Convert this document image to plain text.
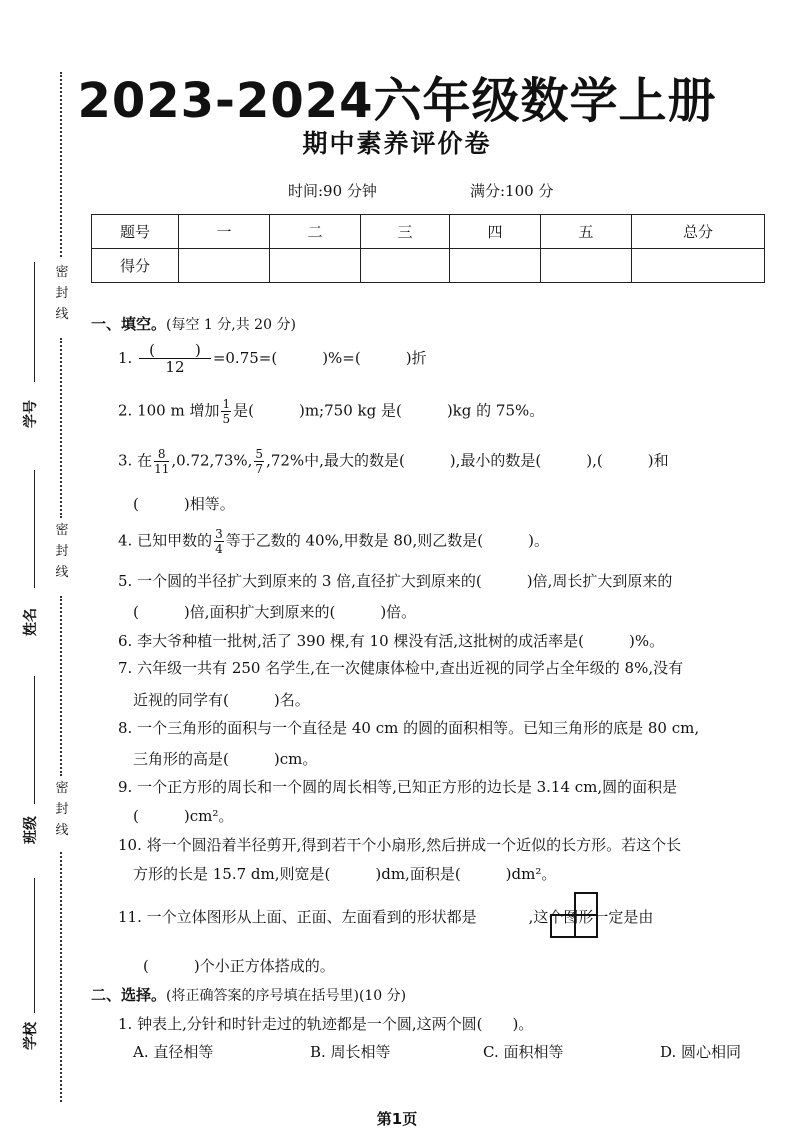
2023-2024六年级数学上册
期中素养评价卷
时间:90 分钟	满分:100 分
题号	一	二	三	四	五	总分
得分						
密
封
线
密
封
线
密
封
线
学号
姓名
班级
学校
一、填空。(每空 1 分,共 20 分)
1. (	)
12 =0.75=(　　　)%=(　　　)折
2. 100 m 增加 $\frac{1}{5}$ 是(　　　)m;750 kg 是(　　　)kg 的 75%。
3. 在 $\frac{8}{11} ,0.72,73\%$, $\frac{5}{7} ,72\%$中,最大的数是(　　　),最小的数是(　　　),(　　　)和
(　　　)相等。
4. 已知甲数的 $\frac{3}{4}$ 等于乙数的 40%,甲数是 80,则乙数是(　　　)。
5. 一个圆的半径扩大到原来的 3 倍,直径扩大到原来的(　　　)倍,周长扩大到原来的
(　　　)倍,面积扩大到原来的(　　　)倍。
6. 李大爷种植一批树,活了 390 棵,有 10 棵没有活,这批树的成活率是(　　　)%。
7. 六年级一共有 250 名学生,在一次健康体检中,查出近视的同学占全年级的 8%,没有
近视的同学有(　　　)名。
8. 一个三角形的面积与一个直径是 40 cm 的圆的面积相等。已知三角形的底是 80 cm,
三角形的高是(　　　)cm。
9. 一个正方形的周长和一个圆的周长相等,已知正方形的边长是 3.14 cm,圆的面积是
(　　　)cm²。
10. 将一个圆沿着半径剪开,得到若干个小扇形,然后拼成一个近似的长方形。若这个长
方形的长是 15.7 dm,则宽是(　　　)dm,面积是(　　　)dm²。
11. 一个立体图形从上面、正面、左面看到的形状都是	,这个图形一定是由
(　　　)个小正方体搭成的。
二、选择。(将正确答案的序号填在括号里)(10 分)
1. 钟表上,分针和时针走过的轨迹都是一个圆,这两个圆(　　)。
A. 直径相等	B. 周长相等	C. 面积相等	D. 圆心相同
第1页
